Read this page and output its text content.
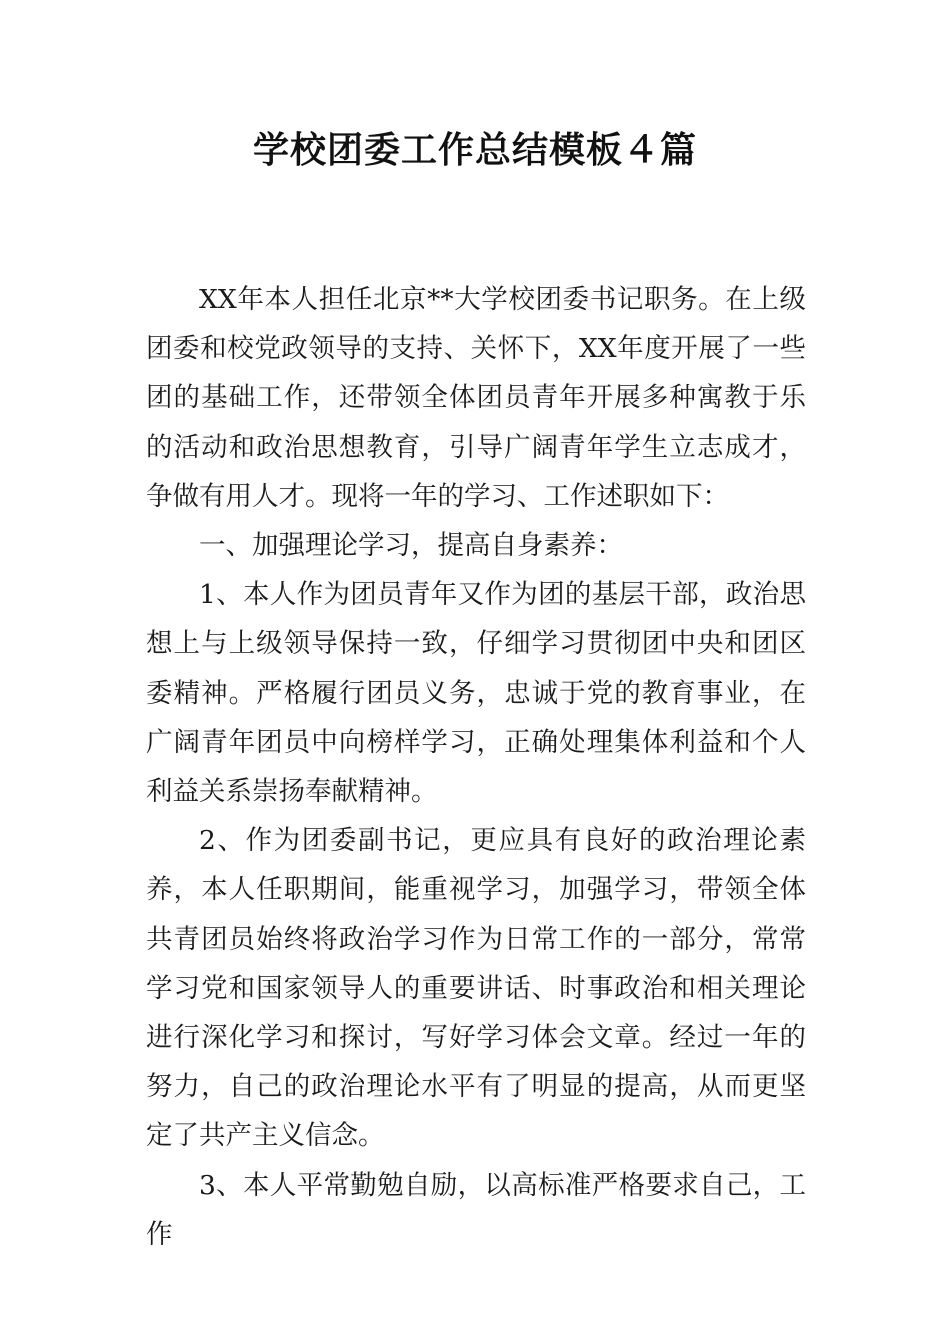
学校团委工作总结模板４篇

XX年本人担任北京**大学校团委书记职务。在上级团委和校党政领导的支持、关怀下，XX年度开展了一些团的基础工作，还带领全体团员青年开展多种寓教于乐的活动和政治思想教育，引导广阔青年学生立志成才，争做有用人才。现将一年的学习、工作述职如下：

一、加强理论学习，提高自身素养：

1、本人作为团员青年又作为团的基层干部，政治思想上与上级领导保持一致，仔细学习贯彻团中央和团区委精神。严格履行团员义务，忠诚于党的教育事业，在广阔青年团员中向榜样学习，正确处理集体利益和个人利益关系崇扬奉献精神。

2、作为团委副书记，更应具有良好的政治理论素养，本人任职期间，能重视学习，加强学习，带领全体共青团员始终将政治学习作为日常工作的一部分，常常学习党和国家领导人的重要讲话、时事政治和相关理论进行深化学习和探讨，写好学习体会文章。经过一年的努力，自己的政治理论水平有了明显的提高，从而更坚定了共产主义信念。

3、本人平常勤勉自励，以高标准严格要求自己，工作
